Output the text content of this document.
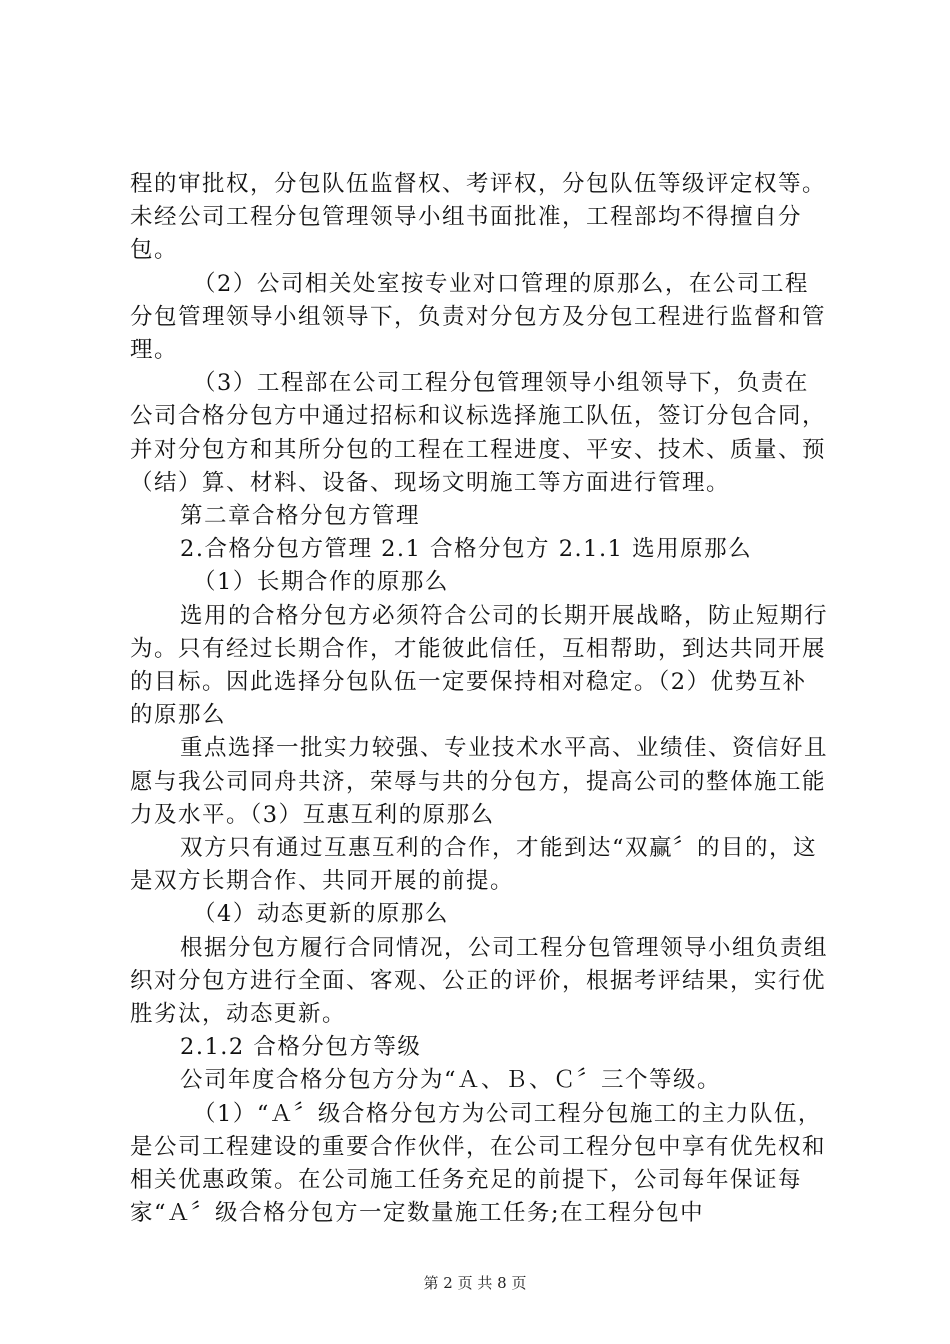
程的审批权，分包队伍监督权、考评权，分包队伍等级评定权等。未经公司工程分包管理领导小组书面批准，工程部均不得擅自分包。

（2）公司相关处室按专业对口管理的原那么，在公司工程分包管理领导小组领导下，负责对分包方及分包工程进行监督和管理。

（3）工程部在公司工程分包管理领导小组领导下，负责在公司合格分包方中通过招标和议标选择施工队伍，签订分包合同，并对分包方和其所分包的工程在工程进度、平安、技术、质量、预（结）算、材料、设备、现场文明施工等方面进行管理。

第二章合格分包方管理

2.合格分包方管理 2.1 合格分包方 2.1.1 选用原那么

（1）长期合作的原那么

选用的合格分包方必须符合公司的长期开展战略，防止短期行为。只有经过长期合作，才能彼此信任，互相帮助，到达共同开展的目标。因此选择分包队伍一定要保持相对稳定。（2）优势互补的原那么

重点选择一批实力较强、专业技术水平高、业绩佳、资信好且愿与我公司同舟共济，荣辱与共的分包方，提高公司的整体施工能力及水平。（3）互惠互利的原那么

双方只有通过互惠互利的合作，才能到达“双赢〞的目的，这是双方长期合作、共同开展的前提。

（4）动态更新的原那么

根据分包方履行合同情况，公司工程分包管理领导小组负责组织对分包方进行全面、客观、公正的评价，根据考评结果，实行优胜劣汰，动态更新。

2.1.2 合格分包方等级

公司年度合格分包方分为“Ａ、Ｂ、Ｃ〞三个等级。

（1）“Ａ〞级合格分包方为公司工程分包施工的主力队伍，是公司工程建设的重要合作伙伴，在公司工程分包中享有优先权和相关优惠政策。在公司施工任务充足的前提下，公司每年保证每家“Ａ〞级合格分包方一定数量施工任务;在工程分包中

第 2 页 共 8 页
